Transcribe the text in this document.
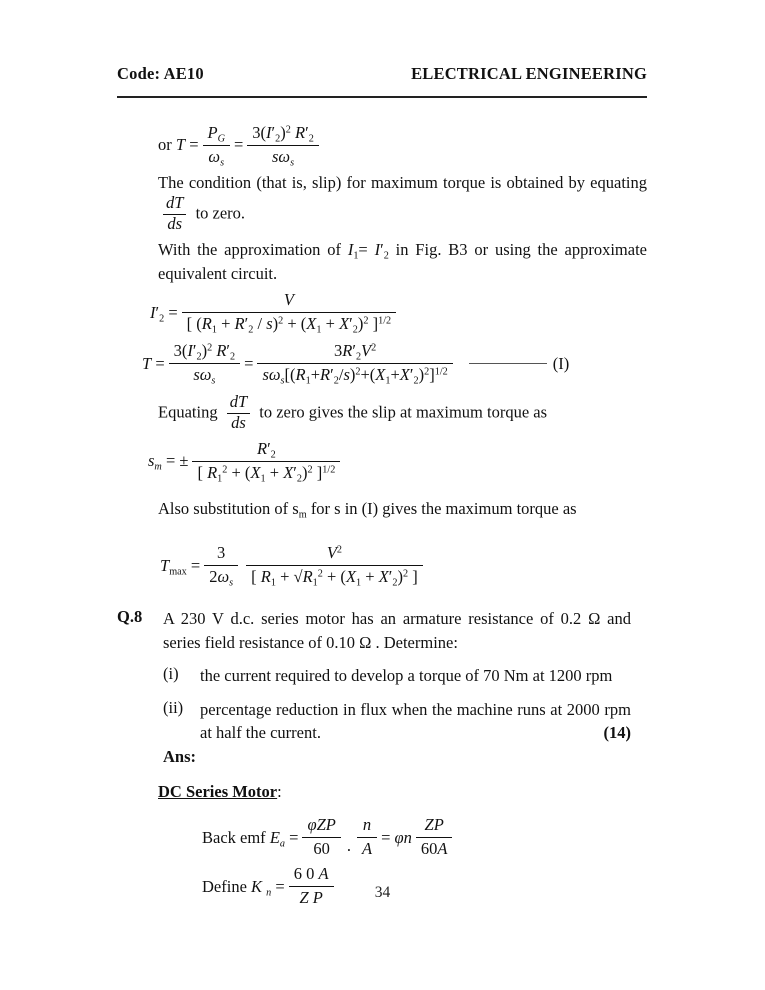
Code: AE10	ELECTRICAL ENGINEERING
or $T = \frac{P_G}{\omega_s} = \frac{3(I'_2)^2 R'_2}{s\omega_s}$

The condition (that is, slip) for maximum torque is obtained by equating
$\frac{dT}{ds}$ to zero.

With the approximation of $I_1= I'_2$ in Fig. B3 or using the approximate equivalent circuit.

$I'_2 = \frac{V}{[ (R_1 + R'_2 / s)^2 + (X_1 + X'_2)^2 ]^{1/2}}$
$T = \frac{3(I'_2)^2 R'_2}{s\omega_s} = \frac{3R'_2V^2}{s\omega_s[(R_1+R'_2/s)^2+(X_1+X'_2)^2]^{1/2}}$	(I)

Equating $\frac{dT}{ds}$ to zero gives the slip at maximum torque as

$s_m$ = ± $\frac{R'_2}{[ R_1^2 + (X_1 + X'_2)^2 ]^{1/2}}$

Also substitution of $s_m$ for s in (I) gives the maximum torque as

$T_{max} = \frac{3}{2\omega_s} \frac{V^2}{[ R_1 + √R_1^2 + (X_1 + X'_2)^2 ]}$
Q.8	A 230 V d.c. series motor has an armature resistance of 0.2 Ω and series field resistance of 0.10 Ω . Determine:

(i)	the current required to develop a torque of 70 Nm at 1200 rpm

(ii)	percentage reduction in flux when the machine runs at 2000 rpm at half the current.	(14)

Ans:

DC Series Motor:
Back emf $E_a = \frac{\text{φZP}}{60}$ . $\frac{n}{A} = \varphi n \frac{ZP}{60A}$
Define K $_n = \frac{6 0 A}{\text{Z P}}$	34
